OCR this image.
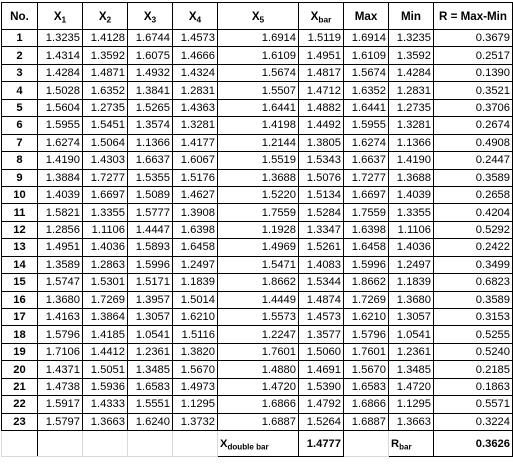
No.	$X_1$	$X_2$	$X_3$	$X_4$	$X_5$	$X_{bar}$	Max	Min	R = Max-Min
1	1.3235	1.4128	1.6744	1.4573	1.6914	1.5119	1.6914	1.3235	0.3679
2	1.4314	1.3592	1.6075	1.4666	1.6109	1.4951	1.6109	1.3592	0.2517
3	1.4284	1.4871	1.4932	1.4324	1.5674	1.4817	1.5674	1.4284	0.1390
4	1.5028	1.6352	1.3841	1.2831	1.5507	1.4712	1.6352	1.2831	0.3521
5	1.5604	1.2735	1.5265	1.4363	1.6441	1.4882	1.6441	1.2735	0.3706
6	1.5955	1.5451	1.3574	1.3281	1.4198	1.4492	1.5955	1.3281	0.2674
7	1.6274	1.5064	1.1366	1.4177	1.2144	1.3805	1.6274	1.1366	0.4908
8	1.4190	1.4303	1.6637	1.6067	1.5519	1.5343	1.6637	1.4190	0.2447
9	1.3884	1.7277	1.5355	1.5176	1.3688	1.5076	1.7277	1.3688	0.3589
10	1.4039	1.6697	1.5089	1.4627	1.5220	1.5134	1.6697	1.4039	0.2658
11	1.5821	1.3355	1.5777	1.3908	1.7559	1.5284	1.7559	1.3355	0.4204
12	1.2856	1.1106	1.4447	1.6398	1.1928	1.3347	1.6398	1.1106	0.5292
13	1.4951	1.4036	1.5893	1.6458	1.4969	1.5261	1.6458	1.4036	0.2422
14	1.3589	1.2863	1.5996	1.2497	1.5471	1.4083	1.5996	1.2497	0.3499
15	1.5747	1.5301	1.5171	1.1839	1.8662	1.5344	1.8662	1.1839	0.6823
16	1.3680	1.7269	1.3957	1.5014	1.4449	1.4874	1.7269	1.3680	0.3589
17	1.4163	1.3864	1.3057	1.6210	1.5573	1.4573	1.6210	1.3057	0.3153
18	1.5796	1.4185	1.0541	1.5116	1.2247	1.3577	1.5796	1.0541	0.5255
19	1.7106	1.4412	1.2361	1.3820	1.7601	1.5060	1.7601	1.2361	0.5240
20	1.4371	1.5051	1.3485	1.5670	1.4880	1.4691	1.5670	1.3485	0.2185
21	1.4738	1.5936	1.6583	1.4973	1.4720	1.5390	1.6583	1.4720	0.1863
22	1.5917	1.4333	1.5551	1.1295	1.6866	1.4792	1.6866	1.1295	0.5571
23	1.5797	1.3663	1.6240	1.3732	1.6887	1.5264	1.6887	1.3663	0.3224
					$X_{double bar}$	1.4777		$R_{bar}$	0.3626
